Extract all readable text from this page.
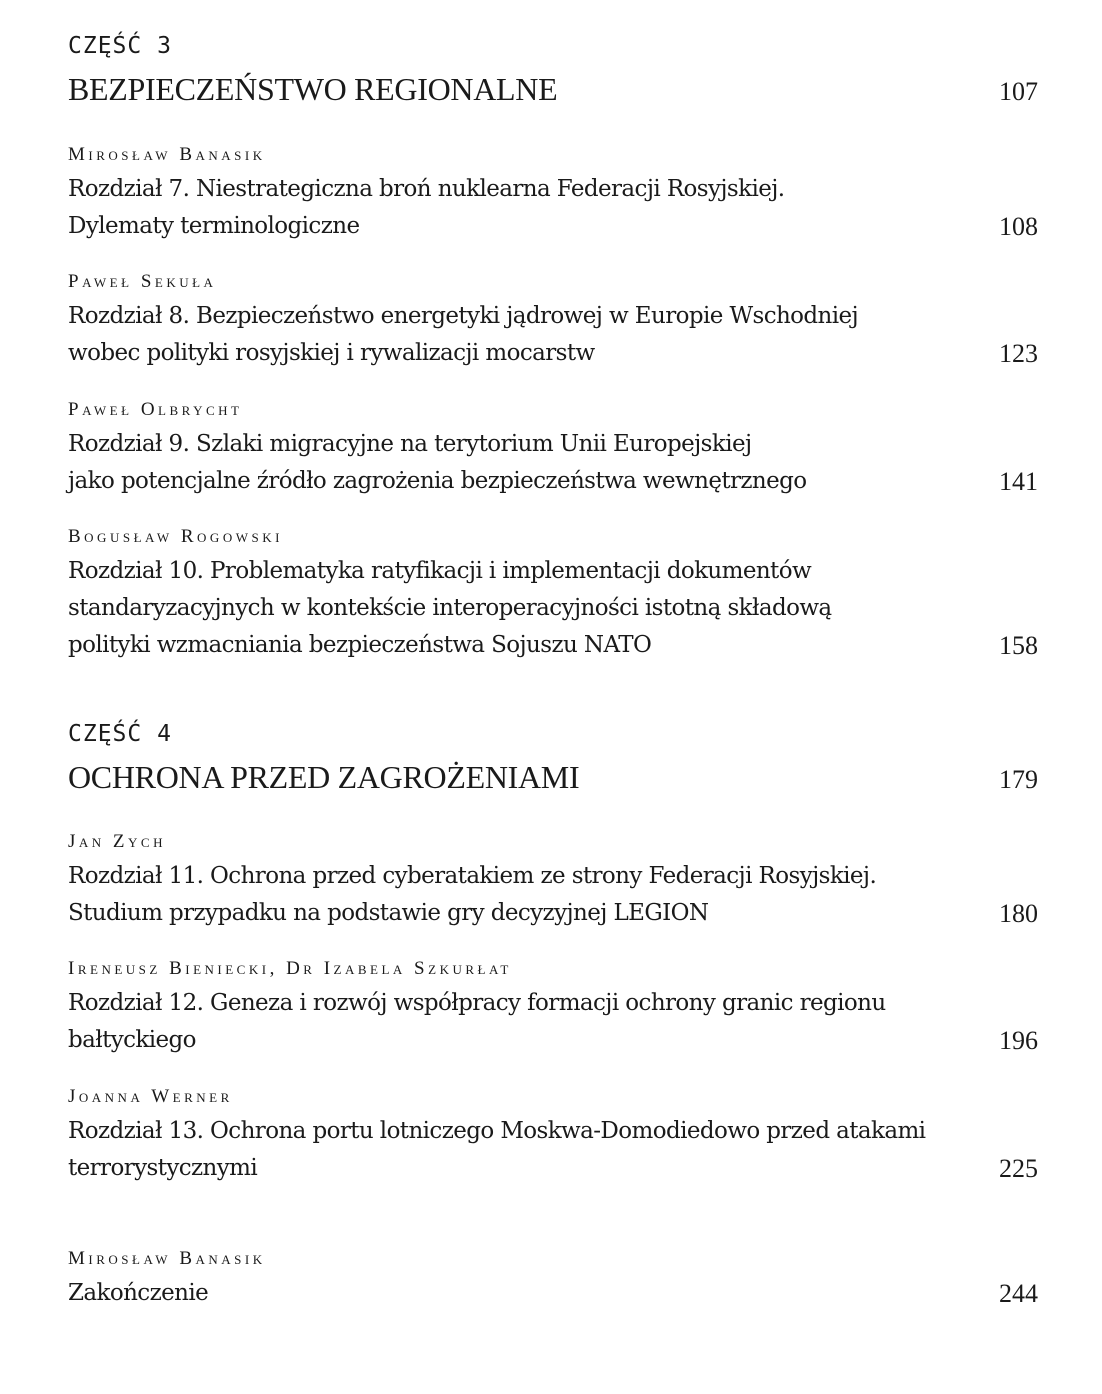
CZĘŚĆ 3
BEZPIECZEŃSTWO REGIONALNE	107
Mirosław Banasik
Rozdział 7. Niestrategiczna broń nuklearna Federacji Rosyjskiej.
Dylematy terminologiczne	108
Paweł Sekuła
Rozdział 8. Bezpieczeństwo energetyki jądrowej w Europie Wschodniej
wobec polityki rosyjskiej i rywalizacji mocarstw	123
Paweł Olbrycht
Rozdział 9. Szlaki migracyjne na terytorium Unii Europejskiej
jako potencjalne źródło zagrożenia bezpieczeństwa wewnętrznego	141
Bogusław Rogowski
Rozdział 10. Problematyka ratyfikacji i implementacji dokumentów
standaryzacyjnych w kontekście interoperacyjności istotną składową
polityki wzmacniania bezpieczeństwa Sojuszu NATO	158
CZĘŚĆ 4
OCHRONA PRZED ZAGROŻENIAMI	179
Jan Zych
Rozdział 11. Ochrona przed cyberatakiem ze strony Federacji Rosyjskiej.
Studium przypadku na podstawie gry decyzyjnej LEGION	180
Ireneusz Bieniecki, Dr Izabela Szkurłat
Rozdział 12. Geneza i rozwój współpracy formacji ochrony granic regionu
bałtyckiego	196
Joanna Werner
Rozdział 13. Ochrona portu lotniczego Moskwa-Domodiedowo przed atakami
terrorystycznymi	225
Mirosław Banasik
Zakończenie	244
